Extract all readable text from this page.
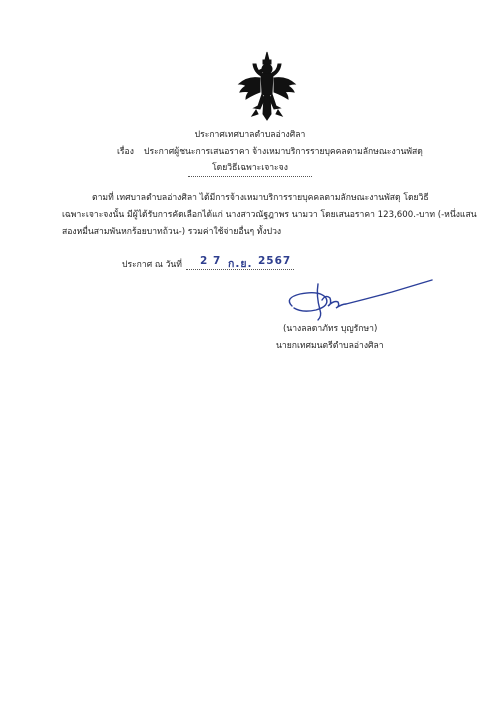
ประกาศเทศบาลตำบลอ่างศิลา
เรื่อง ประกาศผู้ชนะการเสนอราคา จ้างเหมาบริการรายบุคคลตามลักษณะงานพัสดุ
โดยวิธีเฉพาะเจาะจง
ตามที่ เทศบาลตำบลอ่างศิลา ได้มีการจ้างเหมาบริการรายบุคคลตามลักษณะงานพัสดุ โดยวิธี
เฉพาะเจาะจงนั้น มีผู้ได้รับการคัดเลือกได้แก่ นางสาวณัฐฎาพร นามวา โดยเสนอราคา 123,600.-บาท (-หนึ่งแสน
สองหมื่นสามพันหกร้อยบาทถ้วน-) รวมค่าใช้จ่ายอื่นๆ ทั้งปวง
ประกาศ ณ วันที่ 2 7 ก.ย. 2567
(นางลลดาภัทร บุญรักษา)
นายกเทศมนตรีตำบลอ่างศิลา
